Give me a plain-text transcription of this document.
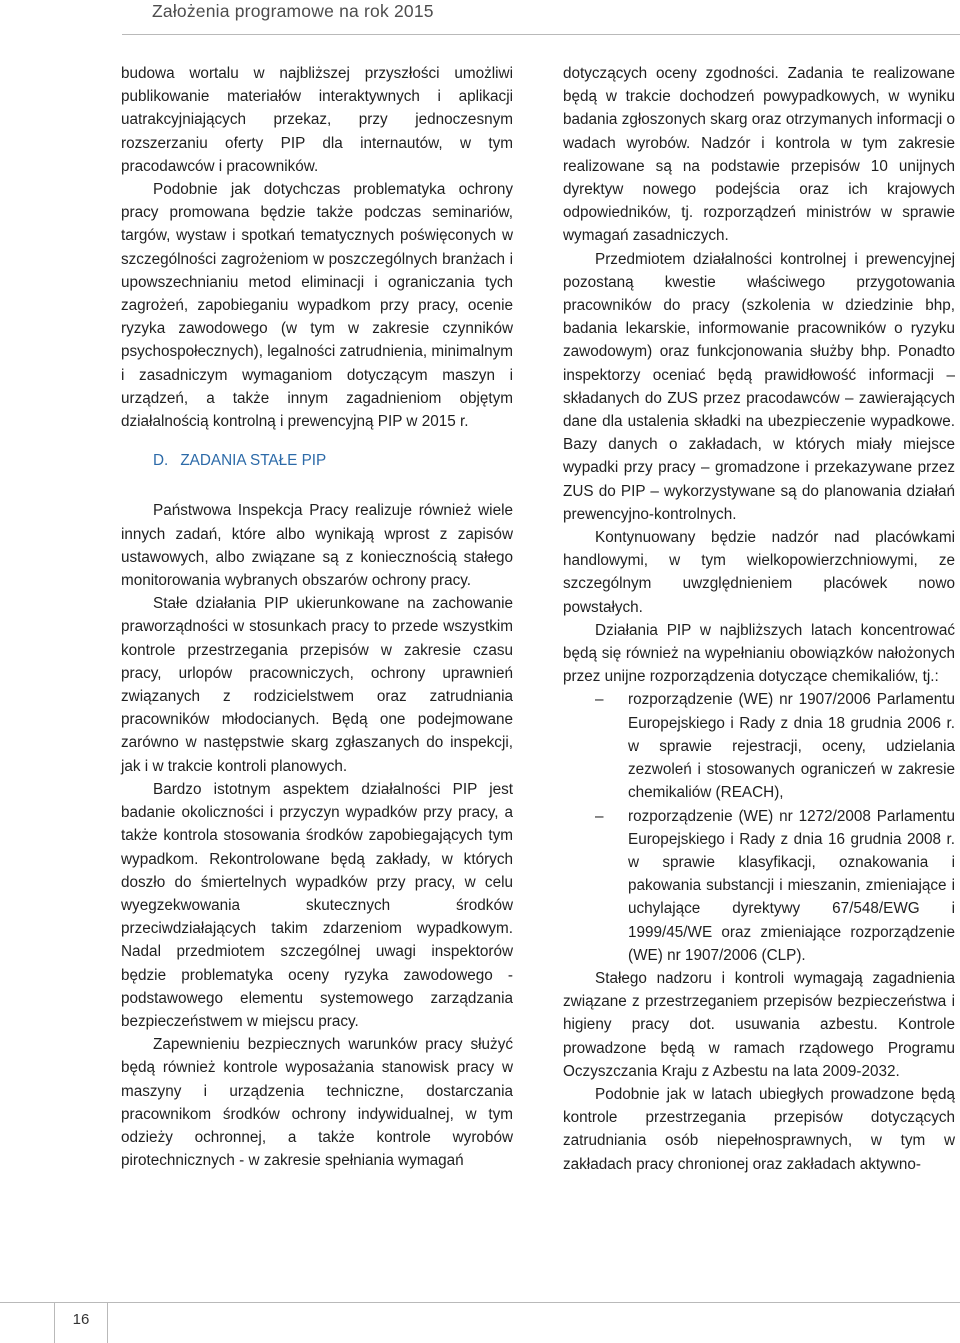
Założenia programowe na rok 2015

budowa wortalu w najbliższej przyszłości umożliwi publikowanie materiałów interaktywnych i aplikacji uatrakcyjniających przekaz, przy jednoczesnym rozszerzaniu oferty PIP dla internautów, w tym pracodawców i pracowników.

Podobnie jak dotychczas problematyka ochrony pracy promowana będzie także podczas seminariów, targów, wystaw i spotkań tematycznych poświęconych w szczególności zagrożeniom w poszczególnych branżach i upowszechnianiu metod eliminacji i ograniczania tych zagrożeń, zapobieganiu wypadkom przy pracy, ocenie ryzyka zawodowego (w tym w zakresie czynników psychospołecznych), legalności zatrudnienia, minimalnym i zasadniczym wymaganiom dotyczącym maszyn i urządzeń, a także innym zagadnieniom objętym działalnością kontrolną i prewencyjną PIP w 2015 r.

D. ZADANIA STAŁE PIP

Państwowa Inspekcja Pracy realizuje również wiele innych zadań, które albo wynikają wprost z zapisów ustawowych, albo związane są z koniecznością stałego monitorowania wybranych obszarów ochrony pracy.

Stałe działania PIP ukierunkowane na zachowanie praworządności w stosunkach pracy to przede wszystkim kontrole przestrzegania przepisów w zakresie czasu pracy, urlopów pracowniczych, ochrony uprawnień związanych z rodzicielstwem oraz zatrudniania pracowników młodocianych. Będą one podejmowane zarówno w następstwie skarg zgłaszanych do inspekcji, jak i w trakcie kontroli planowych.

Bardzo istotnym aspektem działalności PIP jest badanie okoliczności i przyczyn wypadków przy pracy, a także kontrola stosowania środków zapobiegających tym wypadkom. Rekontrolowane będą zakłady, w których doszło do śmiertelnych wypadków przy pracy, w celu wyegzekwowania skutecznych środków przeciwdziałających takim zdarzeniom wypadkowym. Nadal przedmiotem szczególnej uwagi inspektorów będzie problematyka oceny ryzyka zawodowego - podstawowego elementu systemowego zarządzania bezpieczeństwem w miejscu pracy.

Zapewnieniu bezpiecznych warunków pracy służyć będą również kontrole wyposażania stanowisk pracy w maszyny i urządzenia techniczne, dostarczania pracownikom środków ochrony indywidualnej, w tym odzieży ochronnej, a także kontrole wyrobów pirotechnicznych - w zakresie spełniania wymagań

dotyczących oceny zgodności. Zadania te realizowane będą w trakcie dochodzeń powypadkowych, w wyniku badania zgłoszonych skarg oraz otrzymanych informacji o wadach wyrobów. Nadzór i kontrola w tym zakresie realizowane są na podstawie przepisów 10 unijnych dyrektyw nowego podejścia oraz ich krajowych odpowiedników, tj. rozporządzeń ministrów w sprawie wymagań zasadniczych.

Przedmiotem działalności kontrolnej i prewencyjnej pozostaną kwestie właściwego przygotowania pracowników do pracy (szkolenia w dziedzinie bhp, badania lekarskie, informowanie pracowników o ryzyku zawodowym) oraz funkcjonowania służby bhp. Ponadto inspektorzy oceniać będą prawidłowość informacji – składanych do ZUS przez pracodawców – zawierających dane dla ustalenia składki na ubezpieczenie wypadkowe. Bazy danych o zakładach, w których miały miejsce wypadki przy pracy – gromadzone i przekazywane przez ZUS do PIP – wykorzystywane są do planowania działań prewencyjno-kontrolnych.

Kontynuowany będzie nadzór nad placówkami handlowymi, w tym wielkopowierzchniowymi, ze szczególnym uwzględnieniem placówek nowo powstałych.

Działania PIP w najbliższych latach koncentrować będą się również na wypełnianiu obowiązków nałożonych przez unijne rozporządzenia dotyczące chemikaliów, tj.:

– rozporządzenie (WE) nr 1907/2006 Parlamentu Europejskiego i Rady z dnia 18 grudnia 2006 r. w sprawie rejestracji, oceny, udzielania zezwoleń i stosowanych ograniczeń w zakresie chemikaliów (REACH),
– rozporządzenie (WE) nr 1272/2008 Parlamentu Europejskiego i Rady z dnia 16 grudnia 2008 r. w sprawie klasyfikacji, oznakowania i pakowania substancji i mieszanin, zmieniające i uchylające dyrektywy 67/548/EWG i 1999/45/WE oraz zmieniające rozporządzenie (WE) nr 1907/2006 (CLP).

Stałego nadzoru i kontroli wymagają zagadnienia związane z przestrzeganiem przepisów bezpieczeństwa i higieny pracy dot. usuwania azbestu. Kontrole prowadzone będą w ramach rządowego Programu Oczyszczania Kraju z Azbestu na lata 2009-2032.

Podobnie jak w latach ubiegłych prowadzone będą kontrole przestrzegania przepisów dotyczących zatrudniania osób niepełnosprawnych, w tym w zakładach pracy chronionej oraz zakładach aktywno-

16
